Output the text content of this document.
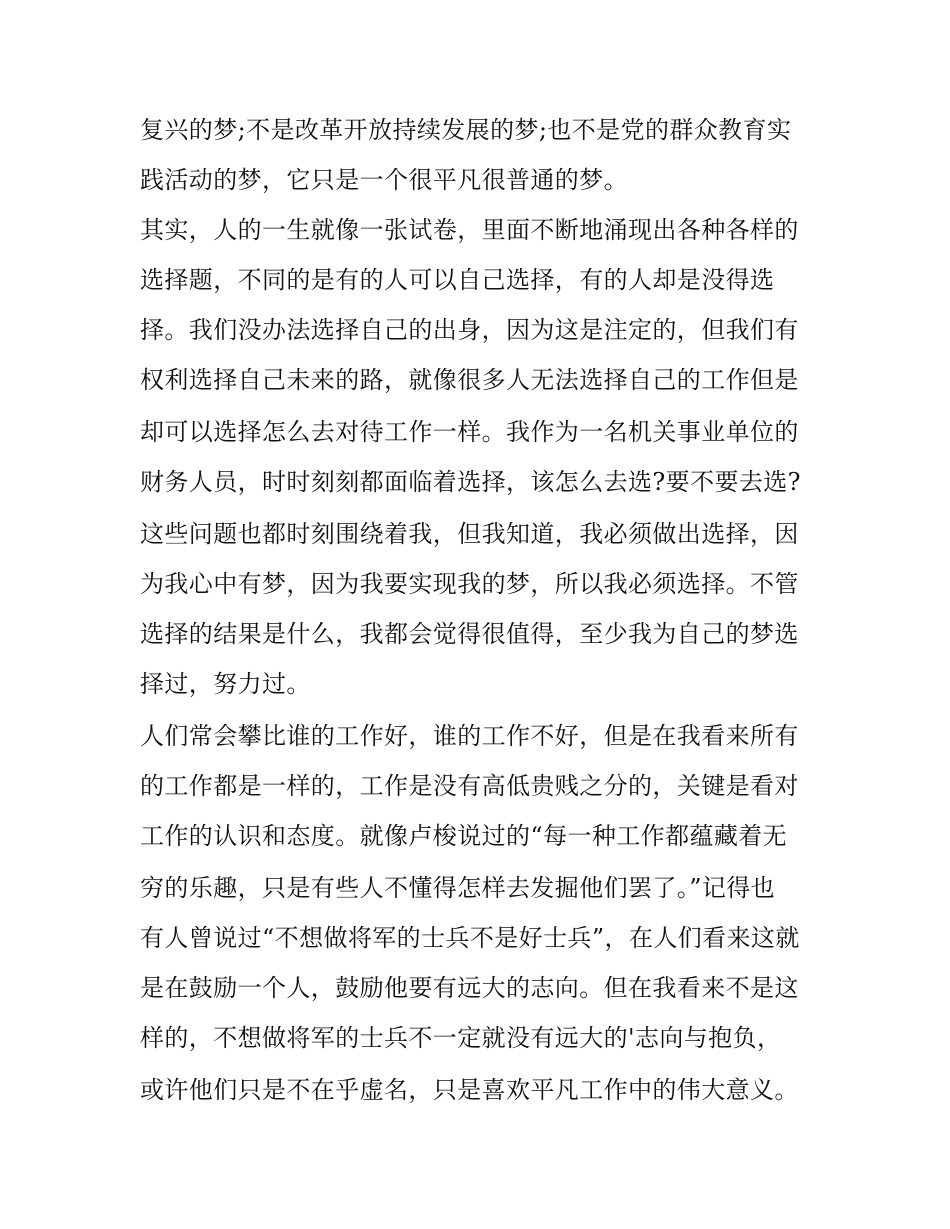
复兴的梦;不是改革开放持续发展的梦;也不是党的群众教育实
践活动的梦，它只是一个很平凡很普通的梦。
其实，人的一生就像一张试卷，里面不断地涌现出各种各样的
选择题，不同的是有的人可以自己选择，有的人却是没得选
择。我们没办法选择自己的出身，因为这是注定的，但我们有
权利选择自己未来的路，就像很多人无法选择自己的工作但是
却可以选择怎么去对待工作一样。我作为一名机关事业单位的
财务人员，时时刻刻都面临着选择，该怎么去选?要不要去选?
这些问题也都时刻围绕着我，但我知道，我必须做出选择，因
为我心中有梦，因为我要实现我的梦，所以我必须选择。不管
选择的结果是什么，我都会觉得很值得，至少我为自己的梦选
择过，努力过。
人们常会攀比谁的工作好，谁的工作不好，但是在我看来所有
的工作都是一样的，工作是没有高低贵贱之分的，关键是看对
工作的认识和态度。就像卢梭说过的“每一种工作都蕴藏着无
穷的乐趣，只是有些人不懂得怎样去发掘他们罢了。”记得也
有人曾说过“不想做将军的士兵不是好士兵”，在人们看来这就
是在鼓励一个人，鼓励他要有远大的志向。但在我看来不是这
样的，不想做将军的士兵不一定就没有远大的'志向与抱负，
或许他们只是不在乎虚名，只是喜欢平凡工作中的伟大意义。
